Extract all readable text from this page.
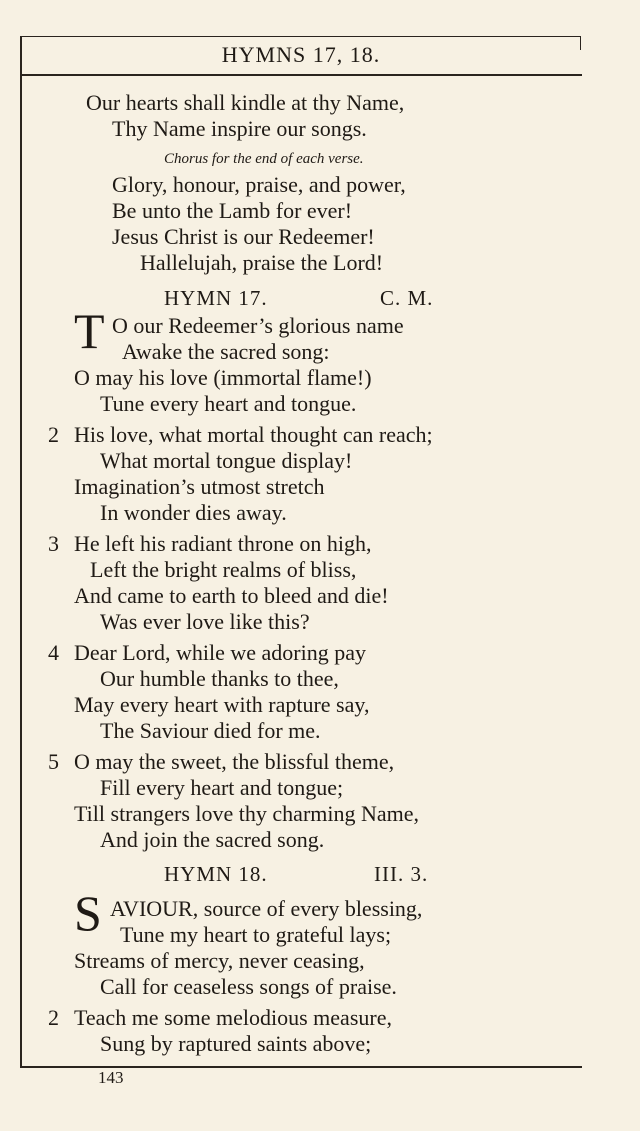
HYMNS 17, 18.
Our hearts shall kindle at thy Name,
Thy Name inspire our songs.
Chorus for the end of each verse.
Glory, honour, praise, and power,
Be unto the Lamb for ever!
Jesus Christ is our Redeemer!
Hallelujah, praise the Lord!
HYMN 17.	C. M.
T O our Redeemer’s glorious name
Awake the sacred song:
O may his love (immortal flame!)
Tune every heart and tongue.
2 His love, what mortal thought can reach;
What mortal tongue display!
Imagination’s utmost stretch
In wonder dies away.
3 He left his radiant throne on high,
Left the bright realms of bliss,
And came to earth to bleed and die!
Was ever love like this?
4 Dear Lord, while we adoring pay
Our humble thanks to thee,
May every heart with rapture say,
The Saviour died for me.
5 O may the sweet, the blissful theme,
Fill every heart and tongue;
Till strangers love thy charming Name,
And join the sacred song.
HYMN 18.	III. 3.
S AVIOUR, source of every blessing,
Tune my heart to grateful lays;
Streams of mercy, never ceasing,
Call for ceaseless songs of praise.
2 Teach me some melodious measure,
Sung by raptured saints above;
143
